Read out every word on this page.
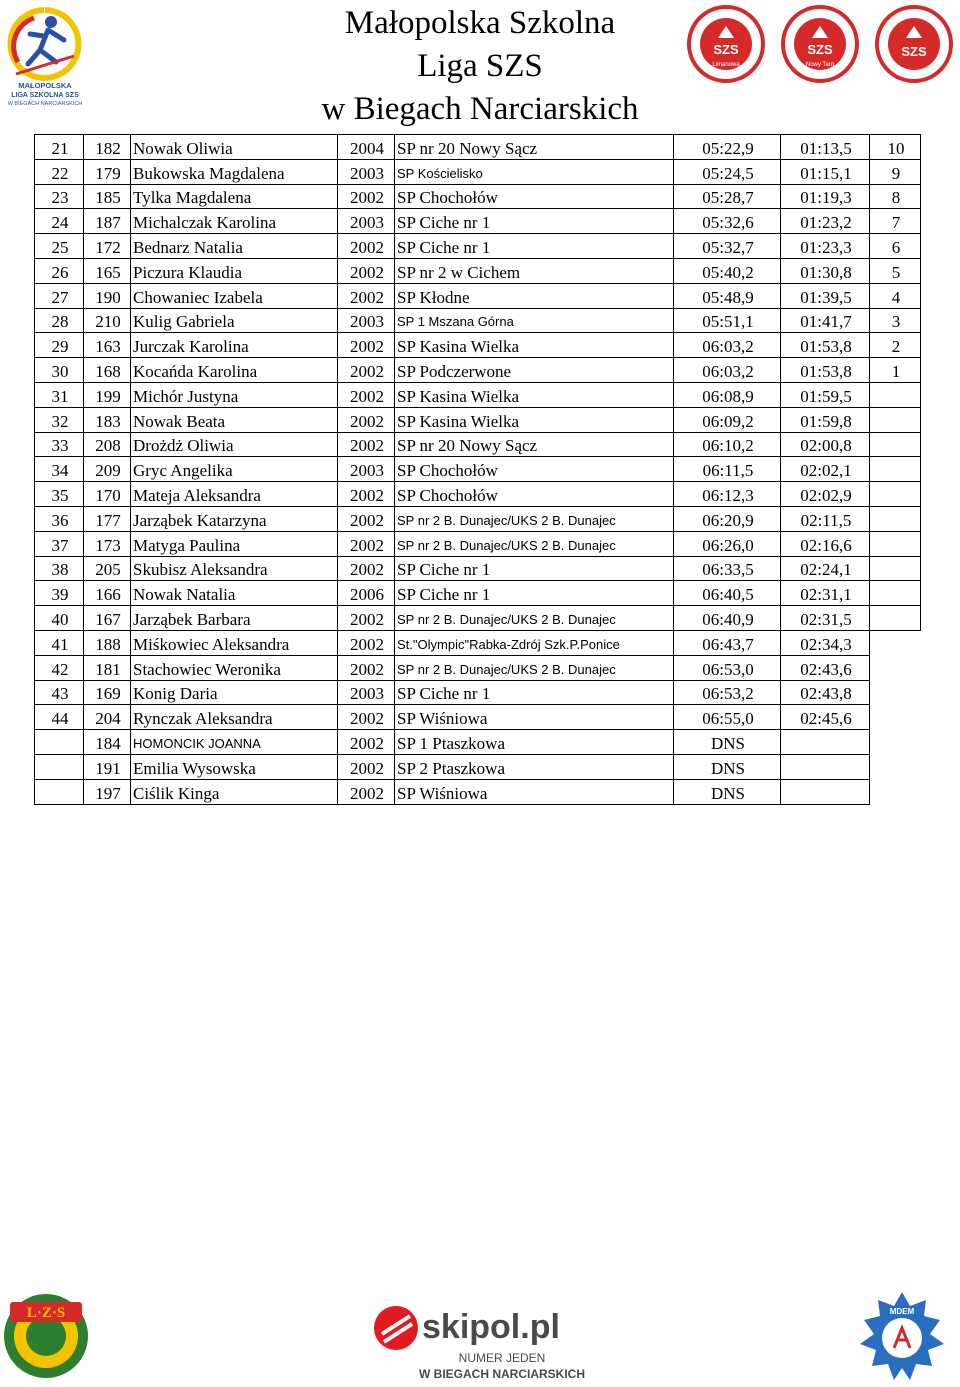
Małopolska Szkolna
Liga SZS
w Biegach Narciarskich
MAŁOPOLSKA
LIGA SZKOLNA SZS
W BIEGACH NARCIARSKICH
SZS
Limanowa
SZS
Nowy Targ
SZS
21	182	Nowak Oliwia	2004	SP nr 20 Nowy Sącz	05:22,9	01:13,5	10
22	179	Bukowska Magdalena	2003	SP Kościelisko	05:24,5	01:15,1	9
23	185	Tylka Magdalena	2002	SP Chochołów	05:28,7	01:19,3	8
24	187	Michalczak Karolina	2003	SP Ciche nr 1	05:32,6	01:23,2	7
25	172	Bednarz Natalia	2002	SP Ciche nr 1	05:32,7	01:23,3	6
26	165	Piczura Klaudia	2002	SP nr 2 w Cichem	05:40,2	01:30,8	5
27	190	Chowaniec Izabela	2002	SP Kłodne	05:48,9	01:39,5	4
28	210	Kulig Gabriela	2003	SP 1 Mszana Górna	05:51,1	01:41,7	3
29	163	Jurczak Karolina	2002	SP Kasina Wielka	06:03,2	01:53,8	2
30	168	Kocańda Karolina	2002	SP Podczerwone	06:03,2	01:53,8	1
31	199	Michór Justyna	2002	SP Kasina Wielka	06:08,9	01:59,5	
32	183	Nowak Beata	2002	SP Kasina Wielka	06:09,2	01:59,8	
33	208	Drożdż Oliwia	2002	SP nr 20 Nowy Sącz	06:10,2	02:00,8	
34	209	Gryc Angelika	2003	SP Chochołów	06:11,5	02:02,1	
35	170	Mateja Aleksandra	2002	SP Chochołów	06:12,3	02:02,9	
36	177	Jarząbek Katarzyna	2002	SP nr 2 B. Dunajec/UKS 2 B. Dunajec	06:20,9	02:11,5	
37	173	Matyga Paulina	2002	SP nr 2 B. Dunajec/UKS 2 B. Dunajec	06:26,0	02:16,6	
38	205	Skubisz Aleksandra	2002	SP Ciche nr 1	06:33,5	02:24,1	
39	166	Nowak Natalia	2006	SP Ciche nr 1	06:40,5	02:31,1	
40	167	Jarząbek Barbara	2002	SP nr 2 B. Dunajec/UKS 2 B. Dunajec	06:40,9	02:31,5	
41	188	Miśkowiec Aleksandra	2002	St."Olympic"Rabka-Zdrój Szk.P.Ponice	06:43,7	02:34,3	
42	181	Stachowiec Weronika	2002	SP nr 2 B. Dunajec/UKS 2 B. Dunajec	06:53,0	02:43,6	
43	169	Konig Daria	2003	SP Ciche nr 1	06:53,2	02:43,8	
44	204	Rynczak Aleksandra	2002	SP Wiśniowa	06:55,0	02:45,6	
	184	HOMONCIK JOANNA	2002	SP 1 Ptaszkowa	DNS		
	191	Emilia Wysowska	2002	SP 2 Ptaszkowa	DNS		
	197	Ciślik Kinga	2002	SP Wiśniowa	DNS		
L·Z·S	skipol.pl
NUMER JEDEN
W BIEGACH NARCIARSKICH
MDEM
